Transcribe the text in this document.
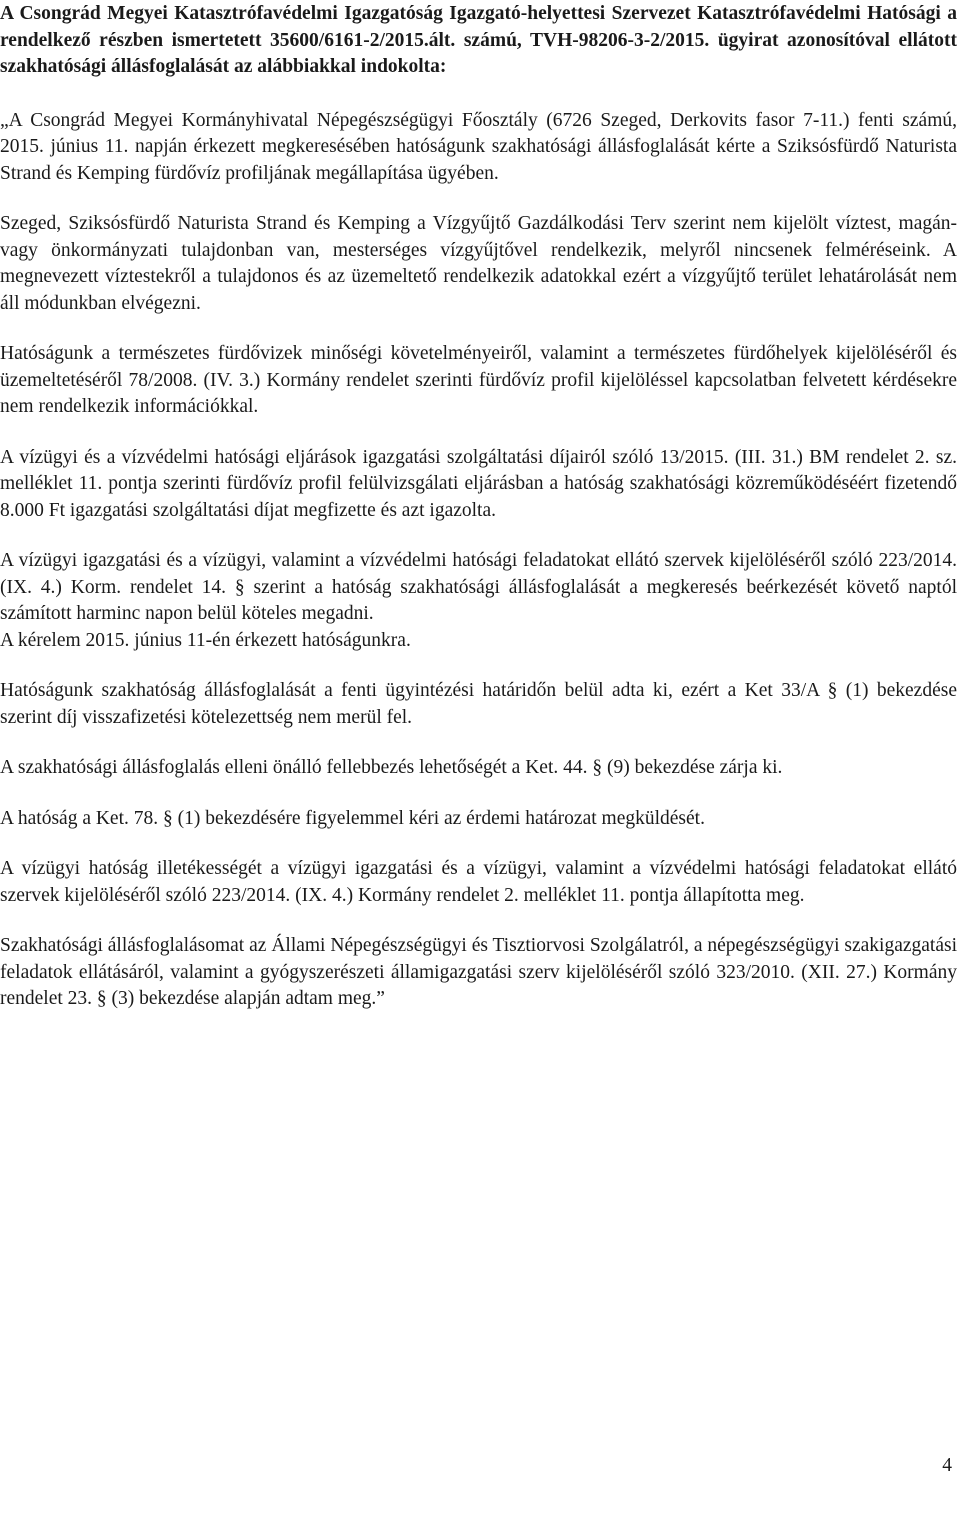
A Csongrád Megyei Katasztrófavédelmi Igazgatóság Igazgató-helyettesi Szervezet Katasztrófavédelmi Hatósági a rendelkező részben ismertetett 35600/6161-2/2015.ált. számú, TVH-98206-3-2/2015. ügyirat azonosítóval ellátott szakhatósági állásfoglalását az alábbiakkal indokolta:

„A Csongrád Megyei Kormányhivatal Népegészségügyi Főosztály (6726 Szeged, Derkovits fasor 7-11.) fenti számú, 2015. június 11. napján érkezett megkeresésében hatóságunk szakhatósági állásfoglalását kérte a Sziksósfürdő Naturista Strand és Kemping fürdővíz profiljának megállapítása ügyében.

Szeged, Sziksósfürdő Naturista Strand és Kemping a Vízgyűjtő Gazdálkodási Terv szerint nem kijelölt víztest, magán- vagy önkormányzati tulajdonban van, mesterséges vízgyűjtővel rendelkezik, melyről nincsenek felméréseink. A megnevezett víztestekről a tulajdonos és az üzemeltető rendelkezik adatokkal ezért a vízgyűjtő terület lehatárolását nem áll módunkban elvégezni.

Hatóságunk a természetes fürdővizek minőségi követelményeiről, valamint a természetes fürdőhelyek kijelöléséről és üzemeltetéséről 78/2008. (IV. 3.) Kormány rendelet szerinti fürdővíz profil kijelöléssel kapcsolatban felvetett kérdésekre nem rendelkezik információkkal.

A vízügyi és a vízvédelmi hatósági eljárások igazgatási szolgáltatási díjairól szóló 13/2015. (III. 31.) BM rendelet 2. sz. melléklet 11. pontja szerinti fürdővíz profil felülvizsgálati eljárásban a hatóság szakhatósági közreműködéséért fizetendő 8.000 Ft igazgatási szolgáltatási díjat megfizette és azt igazolta.

A vízügyi igazgatási és a vízügyi, valamint a vízvédelmi hatósági feladatokat ellátó szervek kijelöléséről szóló 223/2014. (IX. 4.) Korm. rendelet 14. § szerint a hatóság szakhatósági állásfoglalását a megkeresés beérkezését követő naptól számított harminc napon belül köteles megadni.

A kérelem 2015. június 11-én érkezett hatóságunkra.

Hatóságunk szakhatóság állásfoglalását a fenti ügyintézési határidőn belül adta ki, ezért a Ket 33/A § (1) bekezdése szerint díj visszafizetési kötelezettség nem merül fel.

A szakhatósági állásfoglalás elleni önálló fellebbezés lehetőségét a Ket. 44. § (9) bekezdése zárja ki.

A hatóság a Ket. 78. § (1) bekezdésére figyelemmel kéri az érdemi határozat megküldését.

A vízügyi hatóság illetékességét a vízügyi igazgatási és a vízügyi, valamint a vízvédelmi hatósági feladatokat ellátó szervek kijelöléséről szóló 223/2014. (IX. 4.) Kormány rendelet 2. melléklet 11. pontja állapította meg.

Szakhatósági állásfoglalásomat az Állami Népegészségügyi és Tisztiorvosi Szolgálatról, a népegészségügyi szakigazgatási feladatok ellátásáról, valamint a gyógyszerészeti államigazgatási szerv kijelöléséről szóló 323/2010. (XII. 27.) Kormány rendelet 23. § (3) bekezdése alapján adtam meg.”

4
